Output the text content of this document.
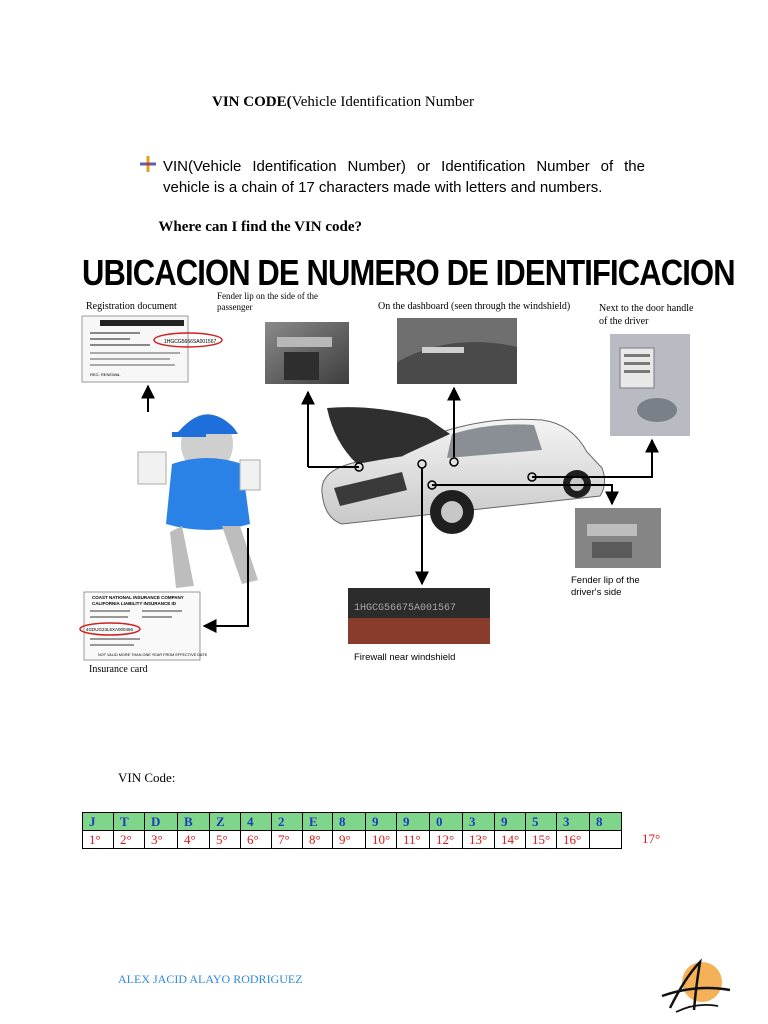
VIN CODE(Vehicle Identification Number

VIN(Vehicle Identification Number) or Identification Number of the vehicle is a chain of 17 characters made with letters and numbers.

Where can I find the VIN code?
UBICACION DE NUMERO DE IDENTIFICACION
1HGCG5666SA001567
REG. RENEWAL
COAST NATIONAL INSURANCE COMPANY
CALIFORNIA LIABILITY INSURANCE ID
4GDUG23L6XA000456
NOT VALID MORE THAN ONE YEAR FROM EFFECTIVE DATE
1HGCG56675A001567
Registration document
Fender lip on the side of the
passenger	On the dashboard (seen through the windshield)	Next to the door handle
of the driver
Fender lip of the
driver's side
Firewall near windshield
Insurance card
VIN Code:
J	T	D	B	Z	4	2	E	8	9	9	0	3	9	5	3	8
1°	2°	3°	4°	5°	6°	7°	8°	9°	10°	11°	12°	13°	14°	15°	16°		17°
ALEX JACID ALAYO RODRIGUEZ
